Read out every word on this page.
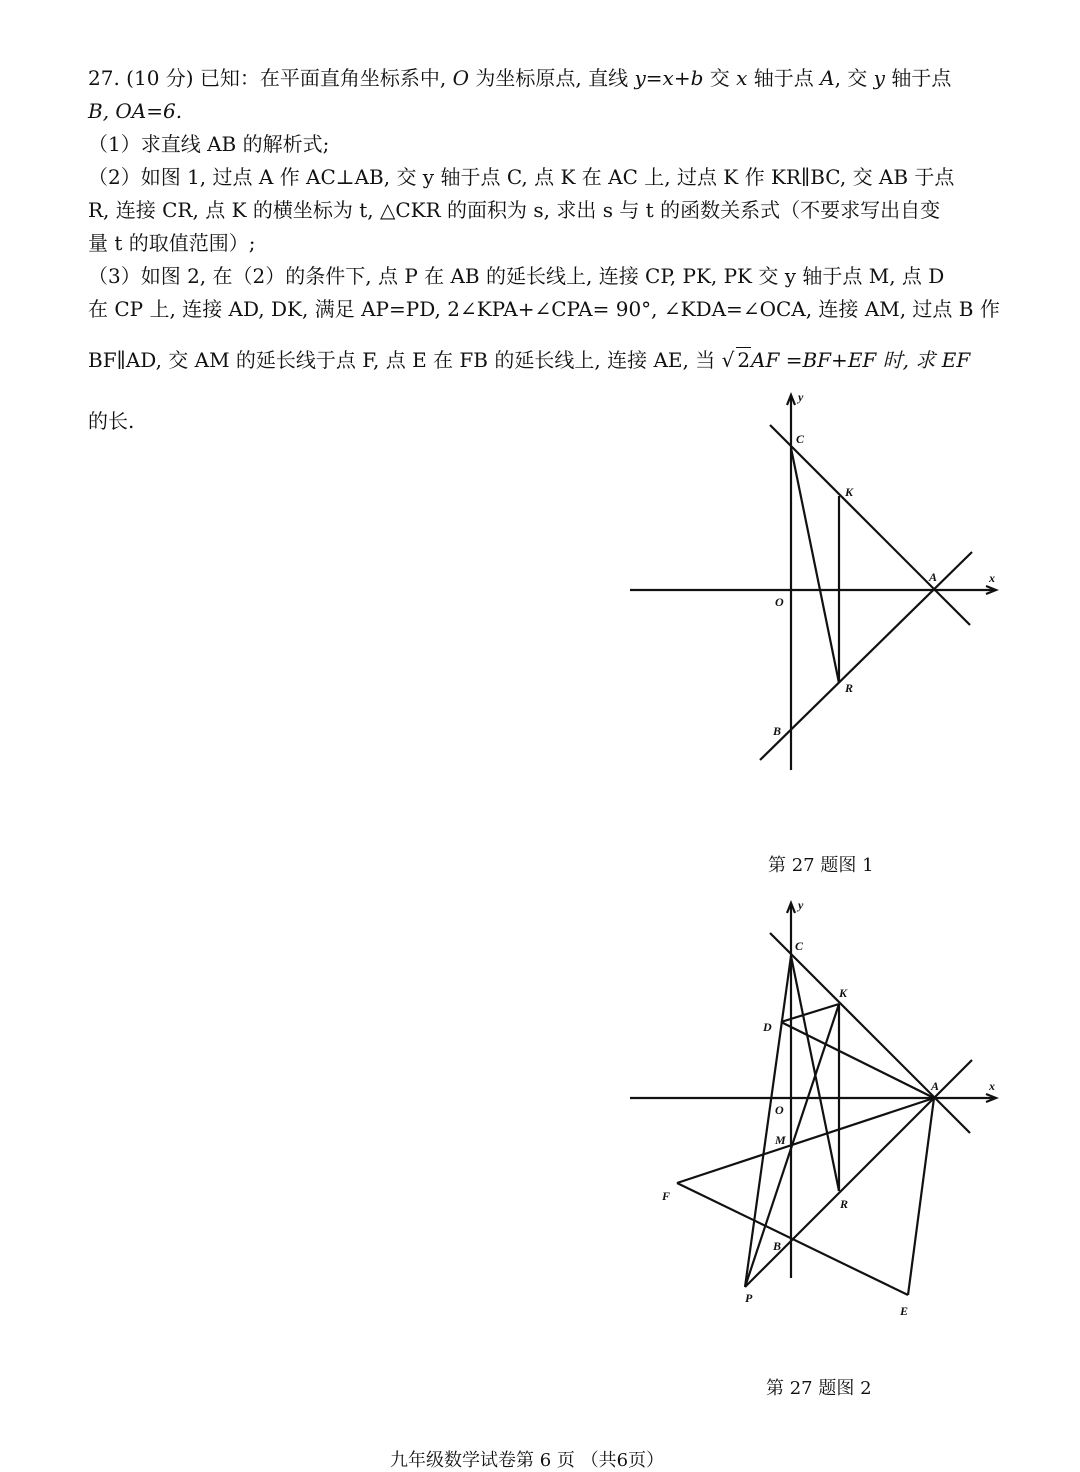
27. (10 分) 已知：在平面直角坐标系中, O 为坐标原点, 直线 y=x+b 交 x 轴于点 A, 交 y 轴于点
B, OA=6.
（1）求直线 AB 的解析式;
（2）如图 1, 过点 A 作 AC⊥AB, 交 y 轴于点 C, 点 K 在 AC 上, 过点 K 作 KR∥BC, 交 AB 于点
R, 连接 CR, 点 K 的横坐标为 t, △CKR 的面积为 s, 求出 s 与 t 的函数关系式（不要求写出自变
量 t 的取值范围）;
（3）如图 2, 在（2）的条件下, 点 P 在 AB 的延长线上, 连接 CP, PK, PK 交 y 轴于点 M, 点 D
在 CP 上, 连接 AD, DK, 满足 AP=PD, 2∠KPA+∠CPA= 90°, ∠KDA=∠OCA, 连接 AM, 过点 B 作
BF∥AD, 交 AM 的延长线于点 F, 点 E 在 FB 的延长线上, 连接 AE, 当 √ 2AF =BF+EF 时, 求 EF
的长.
y
x
C
K
A
O
R
B
y
x
C
K
D
A
O
M
F
R
B
P
E
第 27 题图 1
第 27 题图 2
九年级数学试卷第 6 页 （共6页）
